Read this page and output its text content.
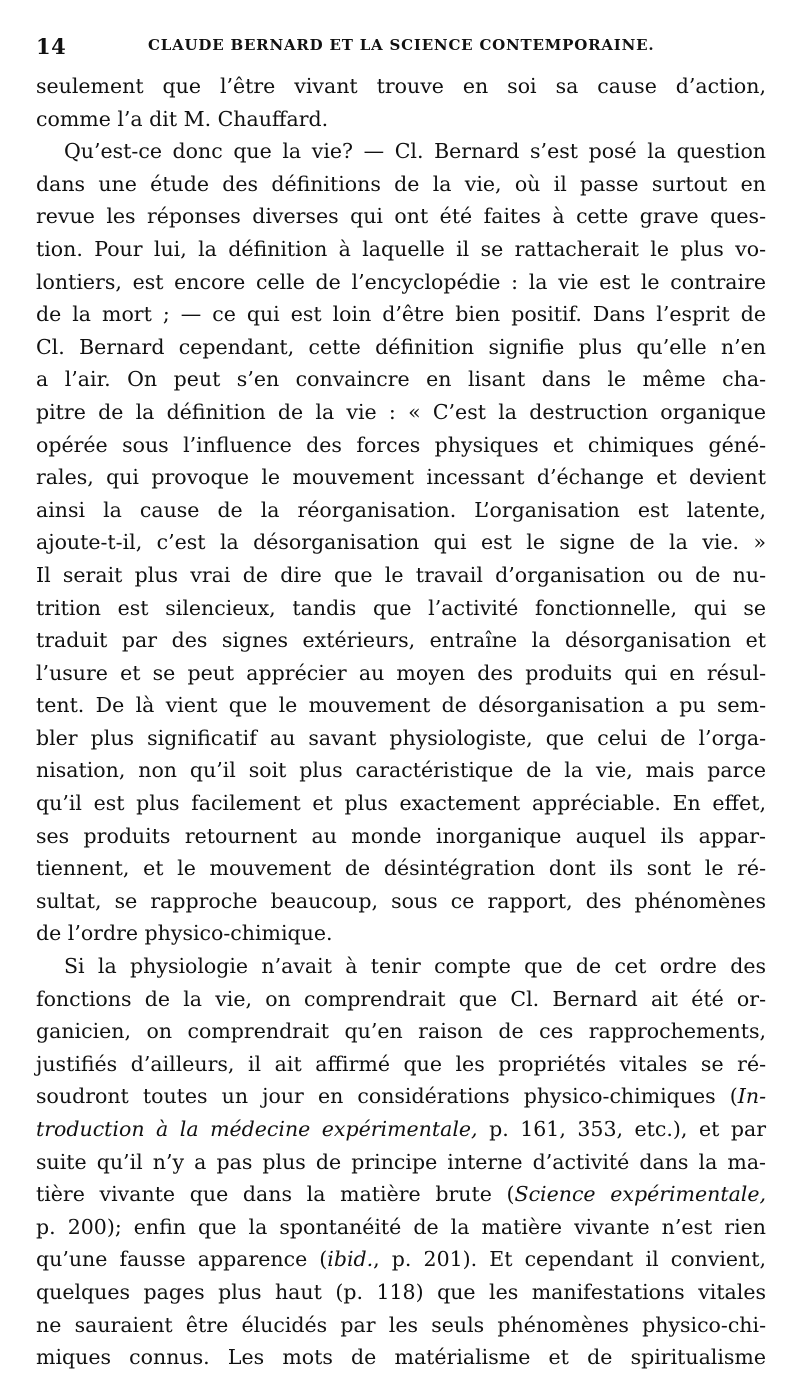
14	CLAUDE BERNARD ET LA SCIENCE CONTEMPORAINE.
seulement que l’être vivant trouve en soi sa cause d’action,
comme l’a dit M. Chauffard.
Qu’est-ce donc que la vie? — Cl. Bernard s’est posé la question
dans une étude des définitions de la vie, où il passe surtout en
revue les réponses diverses qui ont été faites à cette grave ques-
tion. Pour lui, la définition à laquelle il se rattacherait le plus vo-
lontiers, est encore celle de l’encyclopédie : la vie est le contraire
de la mort ; — ce qui est loin d’être bien positif. Dans l’esprit de
Cl. Bernard cependant, cette définition signifie plus qu’elle n’en
a l’air. On peut s’en convaincre en lisant dans le même cha-
pitre de la définition de la vie : « C’est la destruction organique
opérée sous l’influence des forces physiques et chimiques géné-
rales, qui provoque le mouvement incessant d’échange et devient
ainsi la cause de la réorganisation. L’organisation est latente,
ajoute-t-il, c’est la désorganisation qui est le signe de la vie. »
Il serait plus vrai de dire que le travail d’organisation ou de nu-
trition est silencieux, tandis que l’activité fonctionnelle, qui se
traduit par des signes extérieurs, entraîne la désorganisation et
l’usure et se peut apprécier au moyen des produits qui en résul-
tent. De là vient que le mouvement de désorganisation a pu sem-
bler plus significatif au savant physiologiste, que celui de l’orga-
nisation, non qu’il soit plus caractéristique de la vie, mais parce
qu’il est plus facilement et plus exactement appréciable. En effet,
ses produits retournent au monde inorganique auquel ils appar-
tiennent, et le mouvement de désintégration dont ils sont le ré-
sultat, se rapproche beaucoup, sous ce rapport, des phénomènes
de l’ordre physico-chimique.
Si la physiologie n’avait à tenir compte que de cet ordre des
fonctions de la vie, on comprendrait que Cl. Bernard ait été or-
ganicien, on comprendrait qu’en raison de ces rapprochements,
justifiés d’ailleurs, il ait affirmé que les propriétés vitales se ré-
soudront toutes un jour en considérations physico-chimiques (In-
troduction à la médecine expérimentale, p. 161, 353, etc.), et par
suite qu’il n’y a pas plus de principe interne d’activité dans la ma-
tière vivante que dans la matière brute (Science expérimentale,
p. 200); enfin que la spontanéité de la matière vivante n’est rien
qu’une fausse apparence (ibid., p. 201). Et cependant il convient,
quelques pages plus haut (p. 118) que les manifestations vitales
ne sauraient être élucidés par les seuls phénomènes physico-chi-
miques connus. Les mots de matérialisme et de spiritualisme
